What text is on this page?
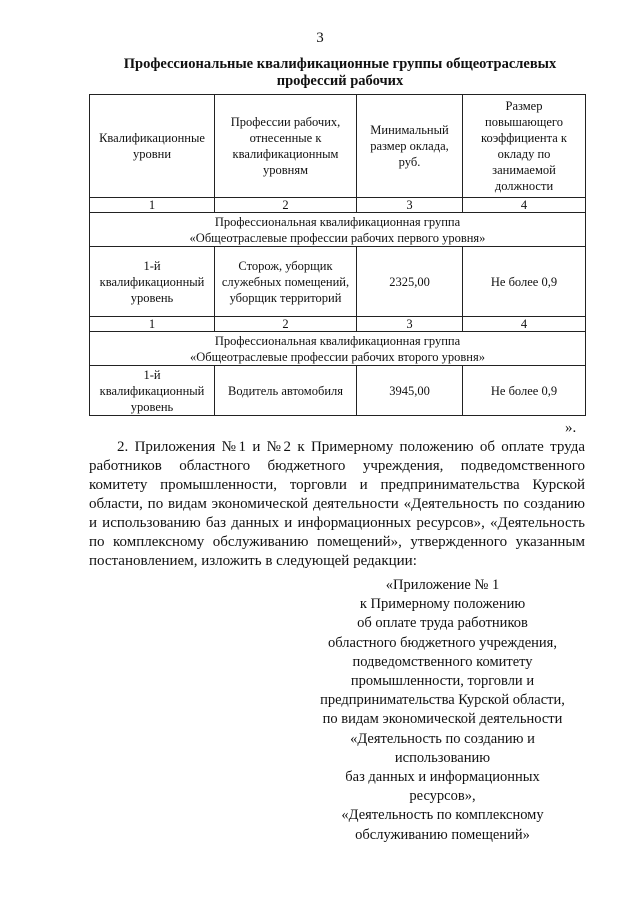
3
Профессиональные квалификационные группы общеотраслевых
профессий рабочих
Квалификационные уровни	Профессии рабочих, отнесенные к квалификационным уровням	Минимальный размер оклада, руб.	Размер повышающего коэффициента к окладу по занимаемой должности
1	2	3	4

Профессиональная квалификационная группа
«Общеотраслевые профессии рабочих первого уровня»			

1-й квалификационный уровень	Сторож, уборщик служебных помещений, уборщик территорий	2325,00	Не более 0,9
1	2	3	4

Профессиональная квалификационная группа
«Общеотраслевые профессии рабочих второго уровня»			

1-й квалификационный уровень	Водитель автомобиля	3945,00	Не более 0,9
».

2. Приложения №1 и №2 к Примерному положению об оплате труда работников областного бюджетного учреждения, подведомственного комитету промышленности, торговли и предпринимательства Курской области, по видам экономической деятельности «Деятельность по созданию и использованию баз данных и информационных ресурсов», «Деятельность по комплексному обслуживанию помещений», утвержденного указанным постановлением, изложить в следующей редакции:

«Приложение № 1
к Примерному положению
об оплате труда работников
областного бюджетного учреждения,
подведомственного комитету
промышленности, торговли и
предпринимательства Курской области,
по видам экономической деятельности
«Деятельность по созданию и
использованию
баз данных и информационных
ресурсов»,
«Деятельность по комплексному
обслуживанию помещений»
